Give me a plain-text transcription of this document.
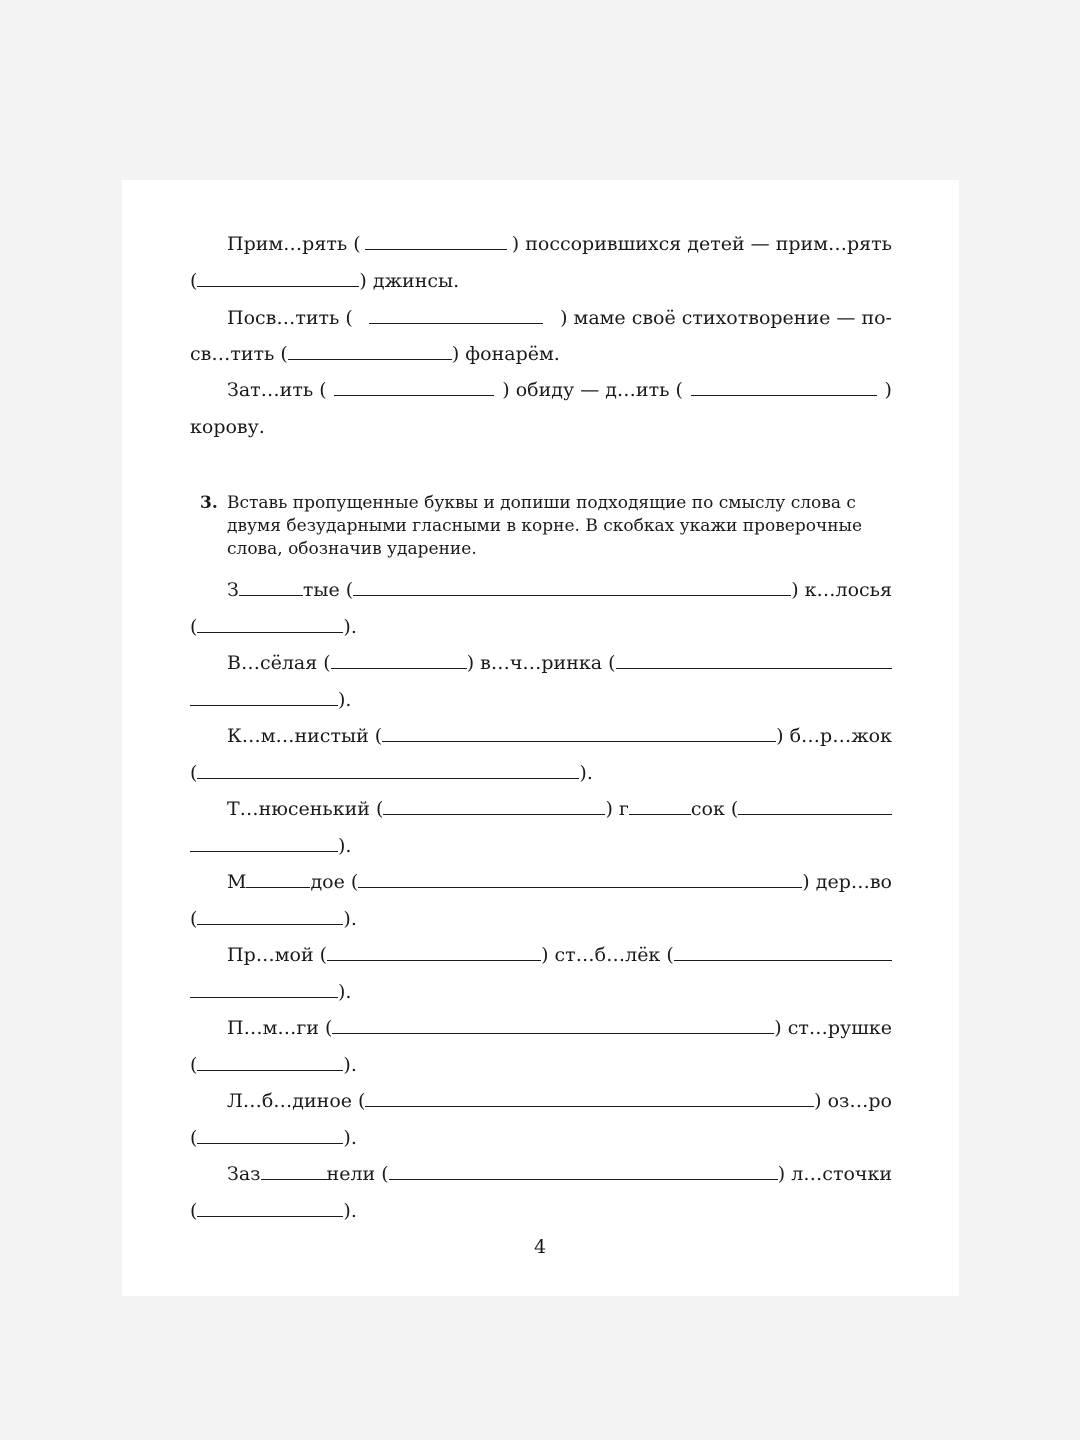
Прим…рять (	) поссорившихся детей — прим…рять
(	) джинсы.
Посв…тить (	) маме своё стихотворение — по-
св…тить (	) фонарём.
Зат…ить (	) обиду — д…ить (	)
корову.
3. Вставь пропущенные буквы и допиши подходящие по смыслу слова с двумя безударными гласными в корне. В скобках укажи проверочные слова, обозначив ударение.
З	тые (	) к…лосья
(	).
В…сёлая (	) в…ч…ринка (
).
К…м…нистый (	) б…р…жок
(	).
Т…нюсенький (	) г	сок (
).
М	дое (	) дер…во
(	).
Пр…мой (	) ст…б…лёк (
).
П…м…ги (	) ст…рушке
(	).
Л…б…диное (	) оз…ро
(	).
Заз	нели (	) л…сточки
(	).
4
